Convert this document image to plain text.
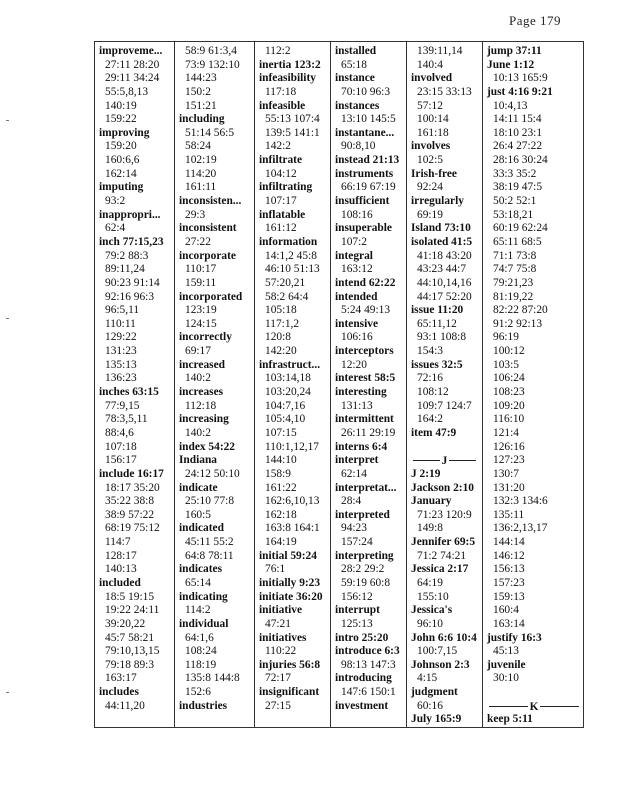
Page 179
improveme...
27:11 28:20
29:11 34:24
55:5,8,13
140:19
159:22
improving
159:20
160:6,6
162:14
imputing
93:2
inappropri...
62:4
inch 77:15,23
79:2 88:3
89:11,24
90:23 91:14
92:16 96:3
96:5,11
110:11
129:22
131:23
135:13
136:23
inches 63:15
77:9,15
78:3,5,11
88:4,6
107:18
156:17
include 16:17
18:17 35:20
35:22 38:8
38:9 57:22
68:19 75:12
114:7
128:17
140:13
included
18:5 19:15
19:22 24:11
39:20,22
45:7 58:21
79:10,13,15
79:18 89:3
163:17
includes
44:11,20
58:9 61:3,4
73:9 132:10
144:23
150:2
151:21
including
51:14 56:5
58:24
102:19
114:20
161:11
inconsisten...
29:3
inconsistent
27:22
incorporate
110:17
159:11
incorporated
123:19
124:15
incorrectly
69:17
increased
140:2
increases
112:18
increasing
140:2
index 54:22
Indiana
24:12 50:10
indicate
25:10 77:8
160:5
indicated
45:11 55:2
64:8 78:11
indicates
65:14
indicating
114:2
individual
64:1,6
108:24
118:19
135:8 144:8
152:6
industries
112:2
inertia 123:2
infeasibility
117:18
infeasible
55:13 107:4
139:5 141:1
142:2
infiltrate
104:12
infiltrating
107:17
inflatable
161:12
information
14:1,2 45:8
46:10 51:13
57:20,21
58:2 64:4
105:18
117:1,2
120:8
142:20
infrastruct...
103:14,18
103:20,24
104:7,16
105:4,10
107:15
110:1,12,17
144:10
158:9
161:22
162:6,10,13
162:18
163:8 164:1
164:19
initial 59:24
76:1
initially 9:23
initiate 36:20
initiative
47:21
initiatives
110:22
injuries 56:8
72:17
insignificant
27:15
installed
65:18
instance
70:10 96:3
instances
13:10 145:5
instantane...
90:8,10
instead 21:13
instruments
66:19 67:19
insufficient
108:16
insuperable
107:2
integral
163:12
intend 62:22
intended
5:24 49:13
intensive
106:16
interceptors
12:20
interest 58:5
interesting
131:13
intermittent
26:11 29:19
interns 6:4
interpret
62:14
interpretat...
28:4
interpreted
94:23
157:24
interpreting
28:2 29:2
59:19 60:8
156:12
interrupt
125:13
intro 25:20
introduce 6:3
98:13 147:3
introducing
147:6 150:1
investment
139:11,14
140:4
involved
23:15 33:13
57:12
100:14
161:18
involves
102:5
Irish-free
92:24
irregularly
69:19
Island 73:10
isolated 41:5
41:18 43:20
43:23 44:7
44:10,14,16
44:17 52:20
issue 11:20
65:11,12
93:1 108:8
154:3
issues 32:5
72:16
108:12
109:7 124:7
164:2
item 47:9
J
J 2:19
Jackson 2:10
January
71:23 120:9
149:8
Jennifer 69:5
71:2 74:21
Jessica 2:17
64:19
155:10
Jessica's
96:10
John 6:6 10:4
100:7,15
Johnson 2:3
4:15
judgment
60:16
July 165:9
jump 37:11
June 1:12
10:13 165:9
just 4:16 9:21
10:4,13
14:11 15:4
18:10 23:1
26:4 27:22
28:16 30:24
33:3 35:2
38:19 47:5
50:2 52:1
53:18,21
60:19 62:24
65:11 68:5
71:1 73:8
74:7 75:8
79:21,23
81:19,22
82:22 87:20
91:2 92:13
96:19
100:12
103:5
106:24
108:23
109:20
116:10
121:4
126:16
127:23
130:7
131:20
132:3 134:6
135:11
136:2,13,17
144:14
146:12
156:13
157:23
159:13
160:4
163:14
justify 16:3
45:13
juvenile
30:10
K
keep 5:11
